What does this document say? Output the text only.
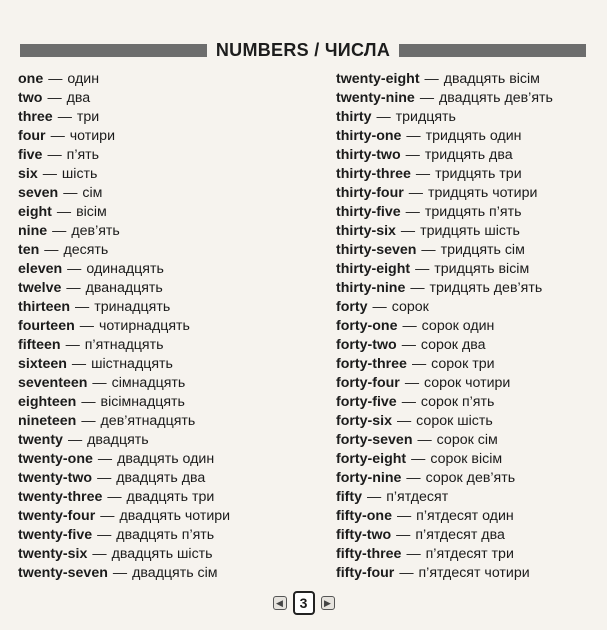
NUMBERS / ЧИСЛА
one — один
two — два
three — три
four — чотири
five — п’ять
six — шість
seven — сім
eight — вісім
nine — дев’ять
ten — десять
eleven — одинадцять
twelve — дванадцять
thirteen — тринадцять
fourteen — чотирнадцять
fifteen — п’ятнадцять
sixteen — шістнадцять
seventeen — сімнадцять
eighteen — вісімнадцять
nineteen — дев’ятнадцять
twenty — двадцять
twenty-one — двадцять один
twenty-two — двадцять два
twenty-three — двадцять три
twenty-four — двадцять чотири
twenty-five — двадцять п’ять
twenty-six — двадцять шість
twenty-seven — двадцять сім
twenty-eight — двадцять вісім
twenty-nine — двадцять дев’ять
thirty — тридцять
thirty-one — тридцять один
thirty-two — тридцять два
thirty-three — тридцять три
thirty-four — тридцять чотири
thirty-five — тридцять п’ять
thirty-six — тридцять шість
thirty-seven — тридцять сім
thirty-eight — тридцять вісім
thirty-nine — тридцять дев’ять
forty — сорок
forty-one — сорок один
forty-two — сорок два
forty-three — сорок три
forty-four — сорок чотири
forty-five — сорок п’ять
forty-six — сорок шість
forty-seven — сорок сім
forty-eight — сорок вісім
forty-nine — сорок дев’ять
fifty — п’ятдесят
fifty-one — п’ятдесят один
fifty-two — п’ятдесят два
fifty-three — п’ятдесят три
fifty-four — п’ятдесят чотири
◀	3	▶
